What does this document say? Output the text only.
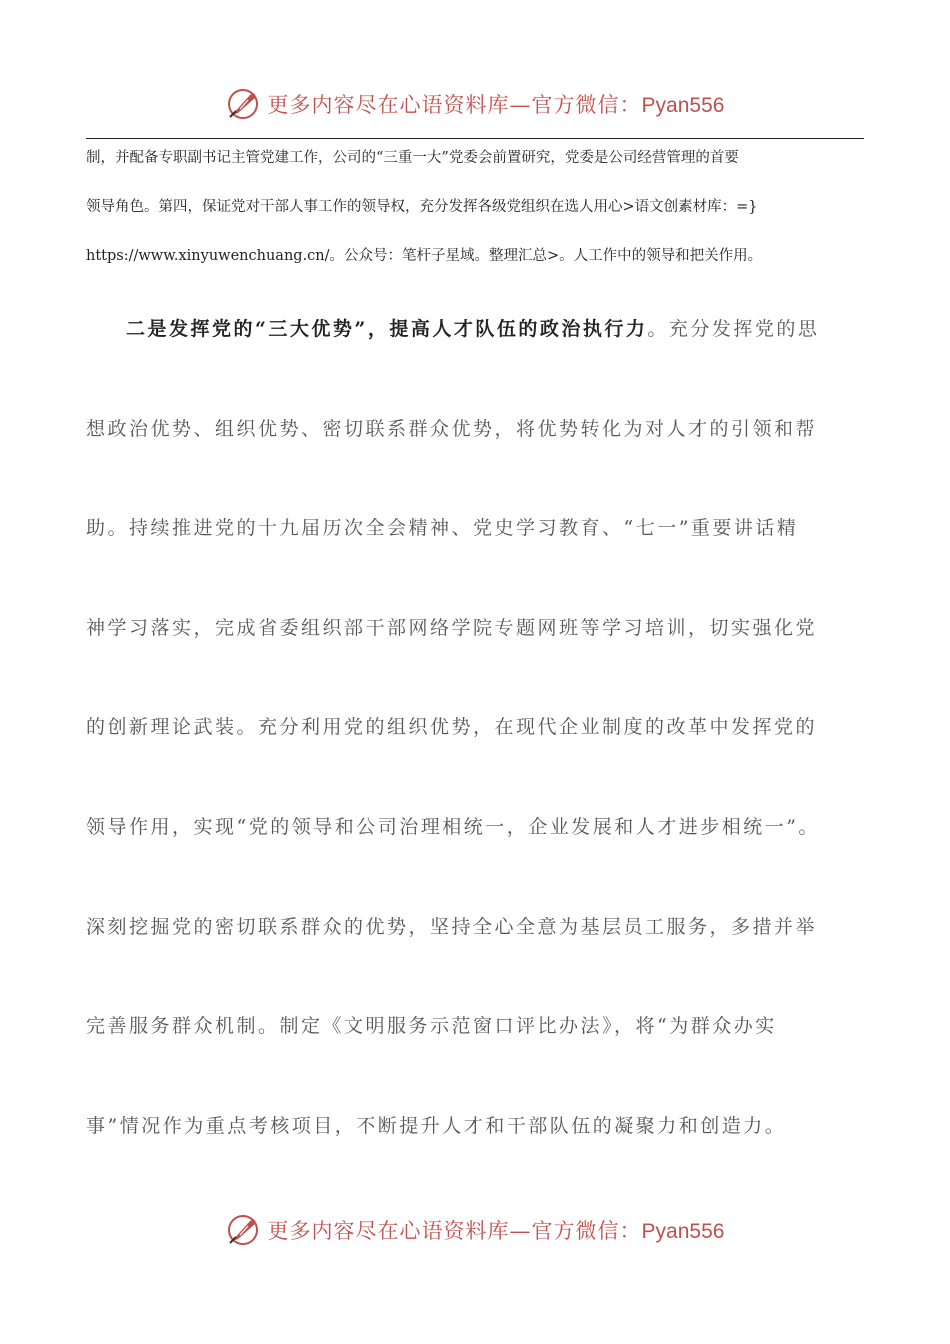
更多内容尽在心语资料库—官方微信：Pyan556
制，并配备专职副书记主管党建工作，公司的“三重一大”党委会前置研究，党委是公司经营管理的首要
领导角色。第四，保证党对干部人事工作的领导权，充分发挥各级党组织在选人用心>语文创素材库：=}
https://www.xinyuwenchuang.cn/。公众号：笔杆子星域。整理汇总>。人工作中的领导和把关作用。
二是发挥党的“三大优势”，提高人才队伍的政治执行力。充分发挥党的思
想政治优势、组织优势、密切联系群众优势，将优势转化为对人才的引领和帮
助。持续推进党的十九届历次全会精神、党史学习教育、“七一”重要讲话精
神学习落实，完成省委组织部干部网络学院专题网班等学习培训，切实强化党
的创新理论武装。充分利用党的组织优势，在现代企业制度的改革中发挥党的
领导作用，实现“党的领导和公司治理相统一，企业发展和人才进步相统一”。
深刻挖掘党的密切联系群众的优势，坚持全心全意为基层员工服务，多措并举
完善服务群众机制。制定《文明服务示范窗口评比办法》，将“为群众办实
事”情况作为重点考核项目，不断提升人才和干部队伍的凝聚力和创造力。
更多内容尽在心语资料库—官方微信：Pyan556
